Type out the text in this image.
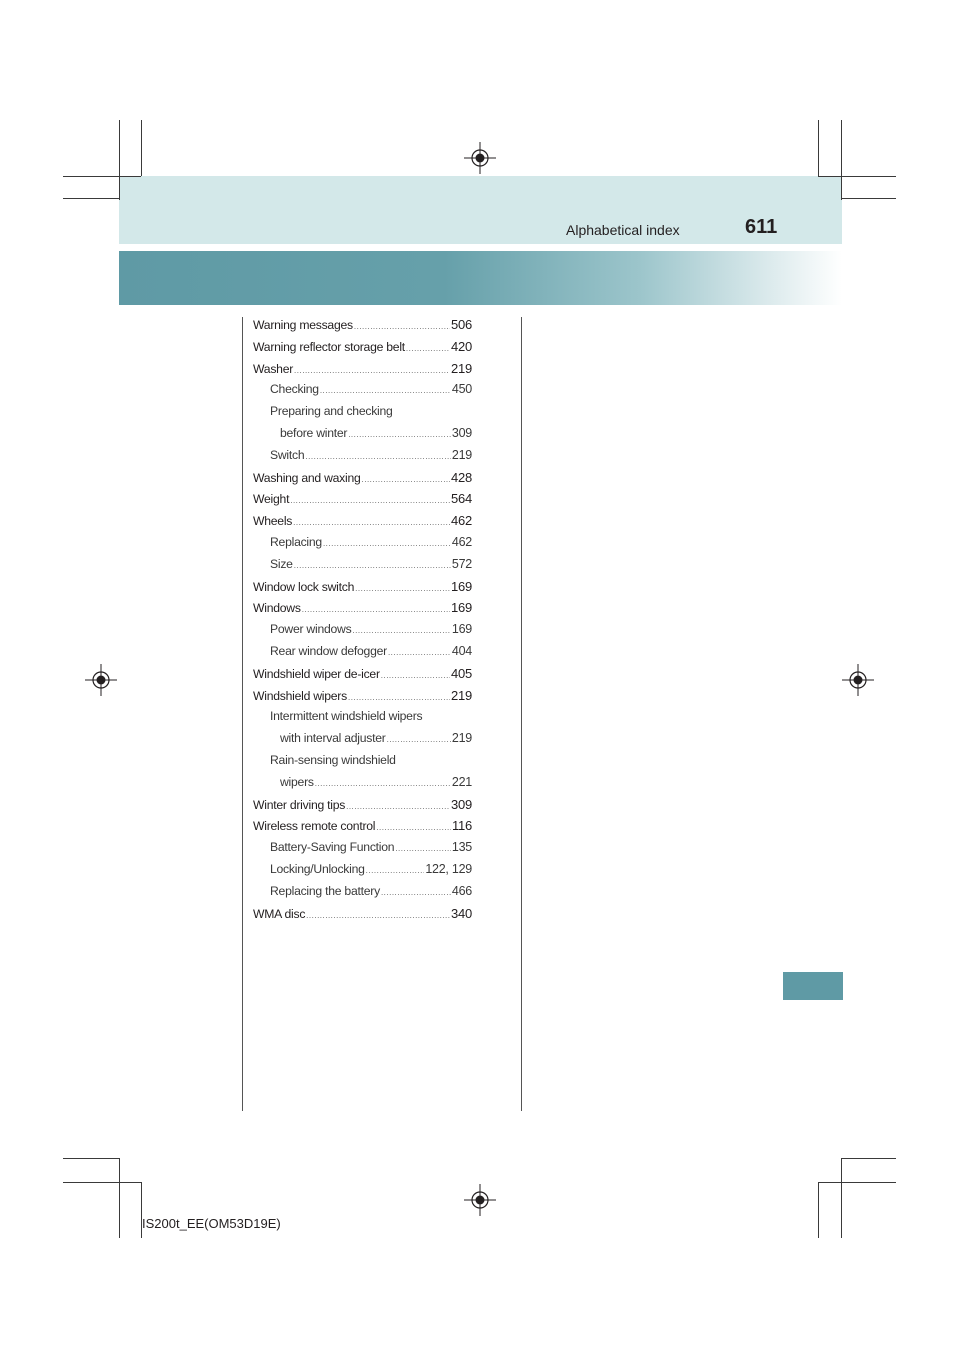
Alphabetical index	611
Warning messages .....	506
Warning reflector storage belt .....	420
Washer .....	219
Checking .....	450
Preparing and checking
before winter .....	309
Switch .....	219
Washing and waxing .....	428
Weight .....	564
Wheels .....	462
Replacing .....	462
Size .....	572
Window lock switch .....	169
Windows .....	169
Power windows .....	169
Rear window defogger .....	404
Windshield wiper de-icer .....	405
Windshield wipers .....	219
Intermittent windshield wipers
with interval adjuster .....	219
Rain-sensing windshield
wipers .....	221
Winter driving tips .....	309
Wireless remote control .....	116
Battery-Saving Function .....	135
Locking/Unlocking .....	122, 129
Replacing the battery .....	466
WMA disc .....	340
IS200t_EE(OM53D19E)
